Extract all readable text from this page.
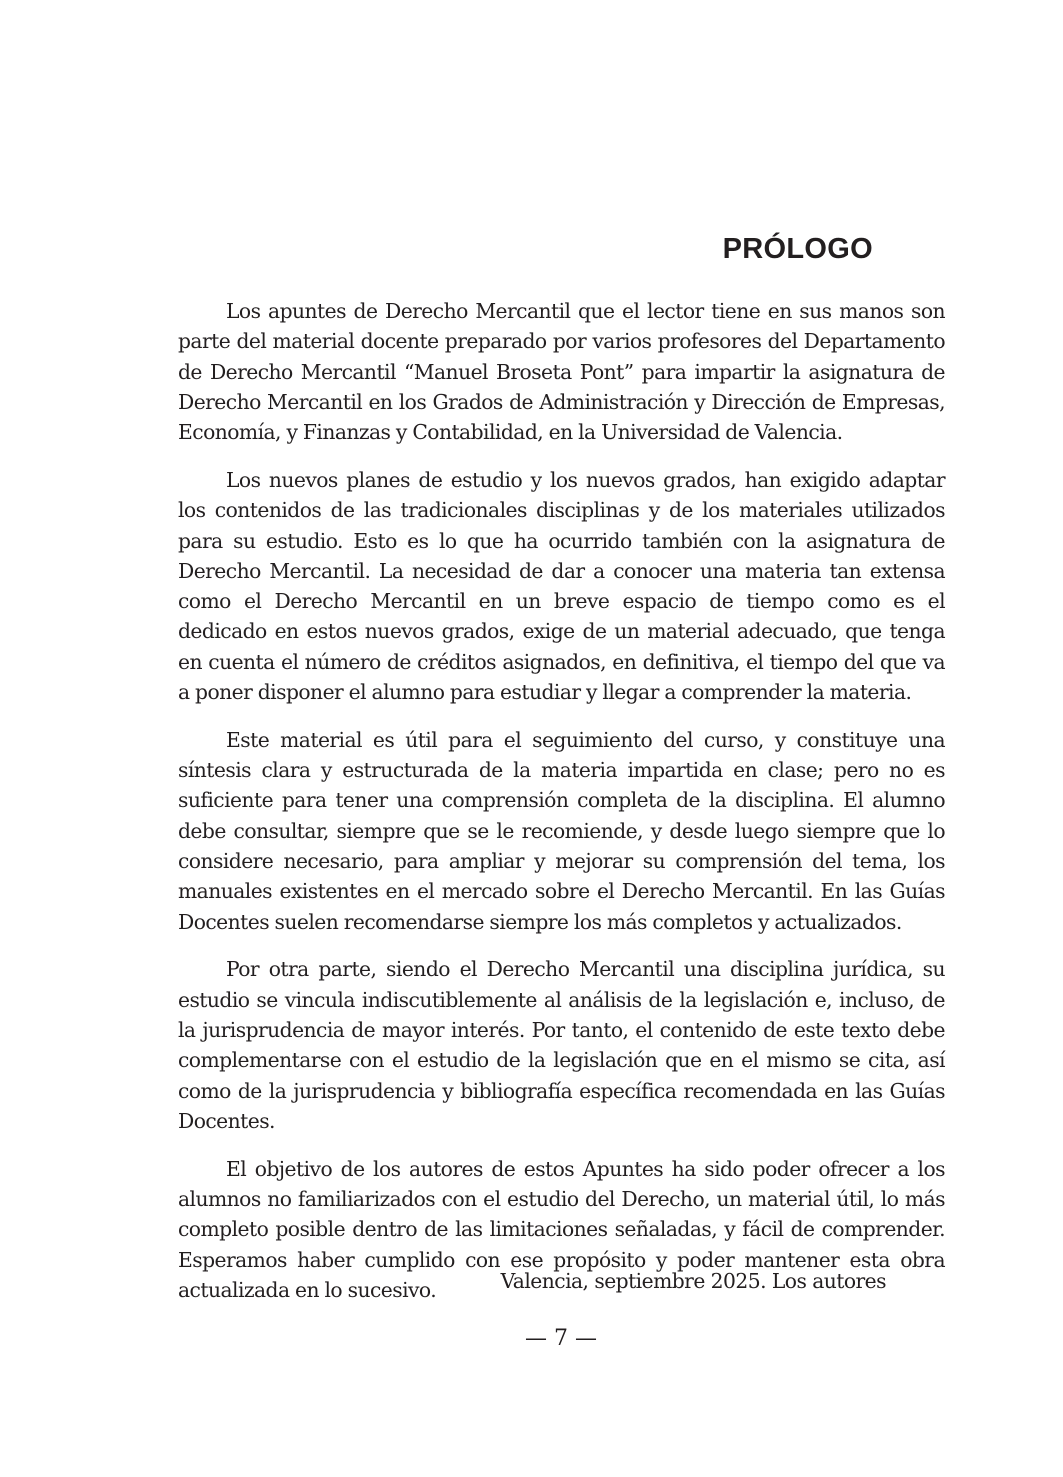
PRÓLOGO

Los apuntes de Derecho Mercantil que el lector tiene en sus manos son parte del material docente preparado por varios profesores del Departamento de Derecho Mercantil “Manuel Broseta Pont” para impartir la asignatura de Derecho Mercantil en los Grados de Administración y Dirección de Empresas, Economía, y Finanzas y Contabilidad, en la Universidad de Valencia.

Los nuevos planes de estudio y los nuevos grados, han exigido adaptar los contenidos de las tradicionales disciplinas y de los materiales utilizados para su estudio. Esto es lo que ha ocurrido también con la asignatura de Derecho Mercantil. La necesidad de dar a conocer una materia tan extensa como el Derecho Mercantil en un breve espacio de tiempo como es el dedicado en estos nuevos grados, exige de un material adecuado, que tenga en cuenta el número de créditos asignados, en definitiva, el tiempo del que va a poner disponer el alumno para estudiar y llegar a comprender la materia.

Este material es útil para el seguimiento del curso, y constituye una síntesis clara y estructurada de la materia impartida en clase; pero no es suficiente para tener una comprensión completa de la disciplina. El alumno debe consultar, siempre que se le recomiende, y desde luego siempre que lo considere necesario, para ampliar y mejorar su comprensión del tema, los manuales existentes en el mercado sobre el Derecho Mercantil. En las Guías Docentes suelen recomendarse siempre los más completos y actualizados.

Por otra parte, siendo el Derecho Mercantil una disciplina jurídica, su estudio se vincula indiscutiblemente al análisis de la legislación e, incluso, de la jurisprudencia de mayor interés. Por tanto, el contenido de este texto debe complementarse con el estudio de la legislación que en el mismo se cita, así como de la jurisprudencia y bibliografía específica recomendada en las Guías Docentes.

El objetivo de los autores de estos Apuntes ha sido poder ofrecer a los alumnos no familiarizados con el estudio del Derecho, un material útil, lo más completo posible dentro de las limitaciones señaladas, y fácil de comprender. Esperamos haber cumplido con ese propósito y poder mantener esta obra actualizada en lo sucesivo.	Valencia, septiembre 2025. Los autores

— 7 —
